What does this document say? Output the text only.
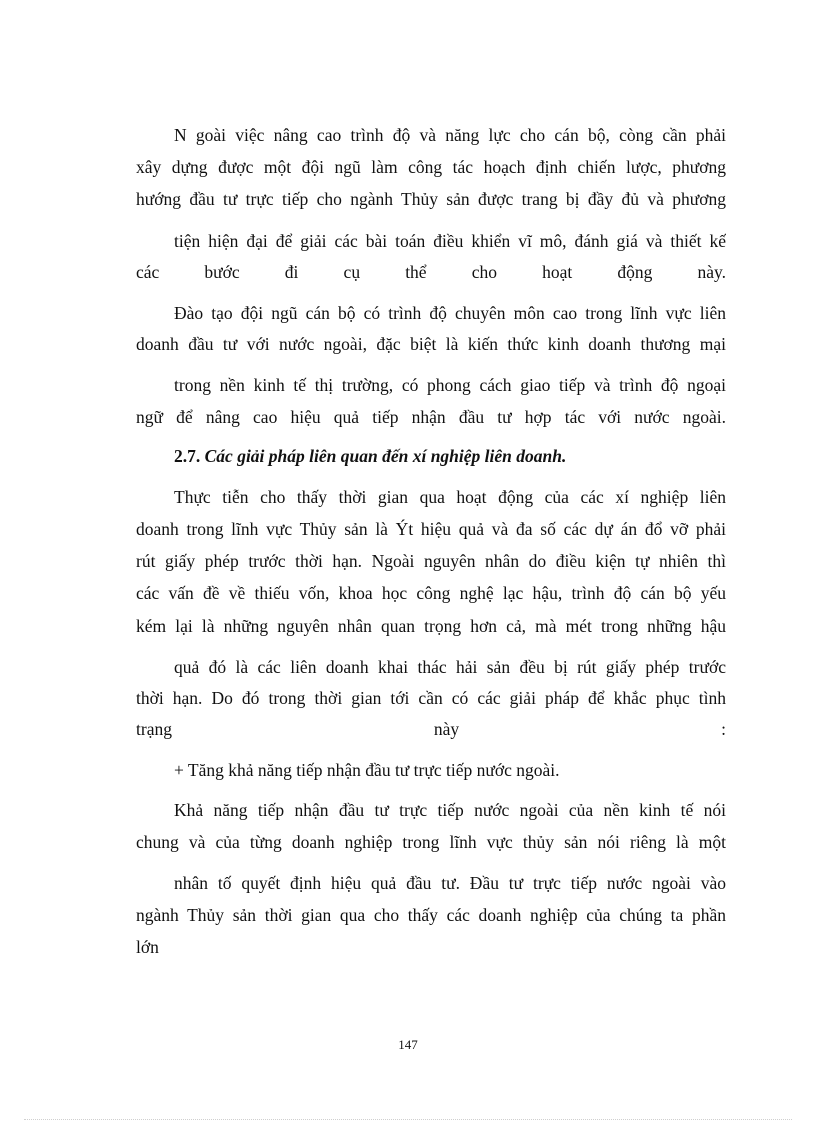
N goài việc nâng cao trình độ và năng lực cho cán bộ, còng cần phải
xây dựng được một đội ngũ làm công tác hoạch định chiến lược, phương
hướng đầu tư trực tiếp cho ngành Thủy sản được trang bị đầy đủ và phương
tiện hiện đại để giải các bài toán điều khiển vĩ mô, đánh giá và thiết kế
các bước đi cụ thể cho hoạt động này.
Đào tạo đội ngũ cán bộ có trình độ chuyên môn cao trong lĩnh vực liên
doanh đầu tư với nước ngoài, đặc biệt là kiến thức kinh doanh thương mại
trong nền kinh tế thị trường, có phong cách giao tiếp và trình độ ngoại
ngữ để nâng cao hiệu quả tiếp nhận đầu tư hợp tác với nước ngoài.
2.7. Các giải pháp liên quan đến xí nghiệp liên doanh.
Thực tiễn cho thấy thời gian qua hoạt động của các xí nghiệp liên
doanh trong lĩnh vực Thủy sản là Ýt hiệu quả và đa số các dự án đổ vỡ phải
rút giấy phép trước thời hạn. Ngoài nguyên nhân do điều kiện tự nhiên thì
các vấn đề về thiếu vốn, khoa học công nghệ lạc hậu, trình độ cán bộ yếu
kém lại là những nguyên nhân quan trọng hơn cả, mà mét trong những hậu
quả đó là các liên doanh khai thác hải sản đều bị rút giấy phép trước
thời hạn. Do đó trong thời gian tới cần có các giải pháp để khắc phục tình
trạng này :
+ Tăng khả năng tiếp nhận đầu tư trực tiếp nước ngoài.
Khả năng tiếp nhận đầu tư trực tiếp nước ngoài của nền kinh tế nói
chung và của từng doanh nghiệp trong lĩnh vực thủy sản nói riêng là một
nhân tố quyết định hiệu quả đầu tư. Đầu tư trực tiếp nước ngoài vào
ngành Thủy sản thời gian qua cho thấy các doanh nghiệp của chúng ta phần
lớn
147
